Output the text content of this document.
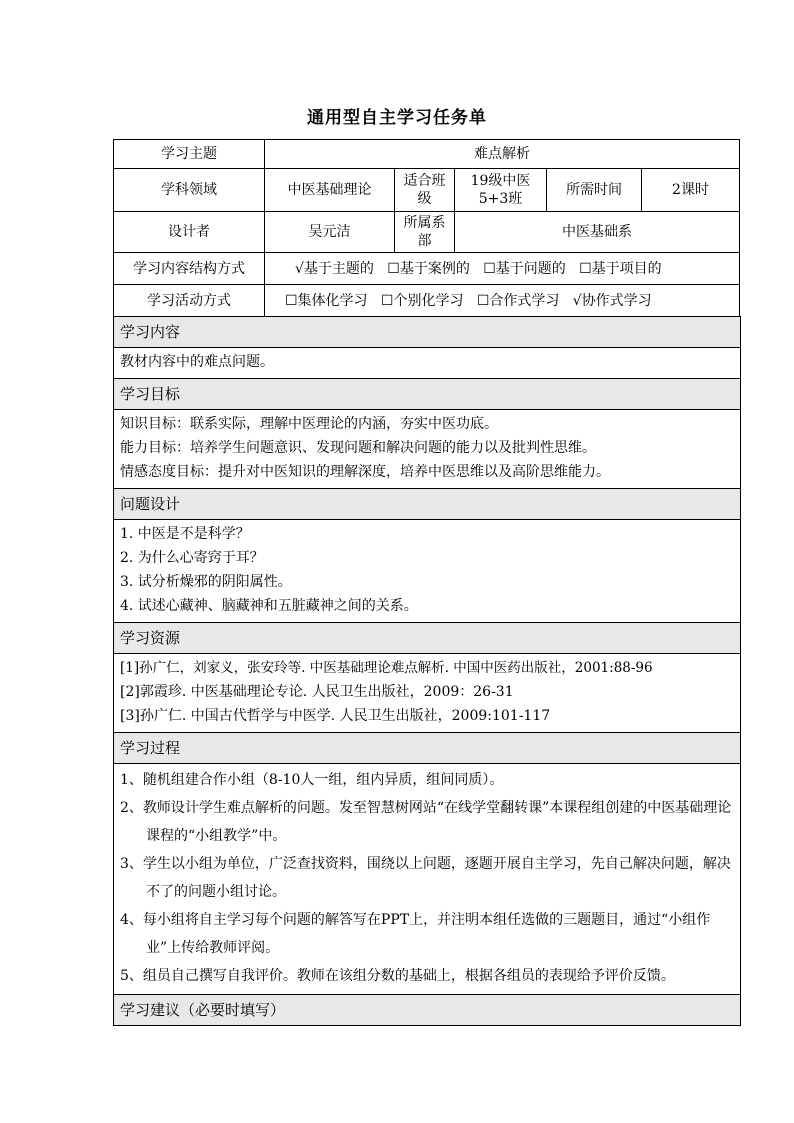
通用型自主学习任务单
学习主题	难点解析				
学科领域	中医基础理论	适合班级	19级中医5+3班	所需时间	2课时
设计者	吴元洁	所属系部	中医基础系		
学习内容结构方式	√基于主题的 ☐基于案例的 ☐基于问题的 ☐基于项目的				
学习活动方式	☐集体化学习 ☐个别化学习 ☐合作式学习 √协作式学习				
学习内容
教材内容中的难点问题。
学习目标
知识目标：联系实际，理解中医理论的内涵，夯实中医功底。
能力目标：培养学生问题意识、发现问题和解决问题的能力以及批判性思维。
情感态度目标：提升对中医知识的理解深度，培养中医思维以及高阶思维能力。
问题设计
1. 中医是不是科学？
2. 为什么心寄窍于耳？
3. 试分析燥邪的阴阳属性。
4. 试述心藏神、脑藏神和五脏藏神之间的关系。
学习资源
[1]孙广仁，刘家义，张安玲等. 中医基础理论难点解析. 中国中医药出版社，2001:88-96
[2]郭霞珍. 中医基础理论专论. 人民卫生出版社，2009：26-31
[3]孙广仁. 中国古代哲学与中医学. 人民卫生出版社，2009:101-117
学习过程
1、随机组建合作小组（8-10人一组，组内异质，组间同质）。
2、教师设计学生难点解析的问题。发至智慧树网站“在线学堂翻转课”本课程组创建的中医基础理论课程的“小组教学”中。
3、学生以小组为单位，广泛查找资料，围绕以上问题，逐题开展自主学习，先自己解决问题，解决不了的问题小组讨论。
4、每小组将自主学习每个问题的解答写在PPT上，并注明本组任选做的三题题目，通过“小组作业”上传给教师评阅。
5、组员自己撰写自我评价。教师在该组分数的基础上，根据各组员的表现给予评价反馈。
学习建议（必要时填写）
